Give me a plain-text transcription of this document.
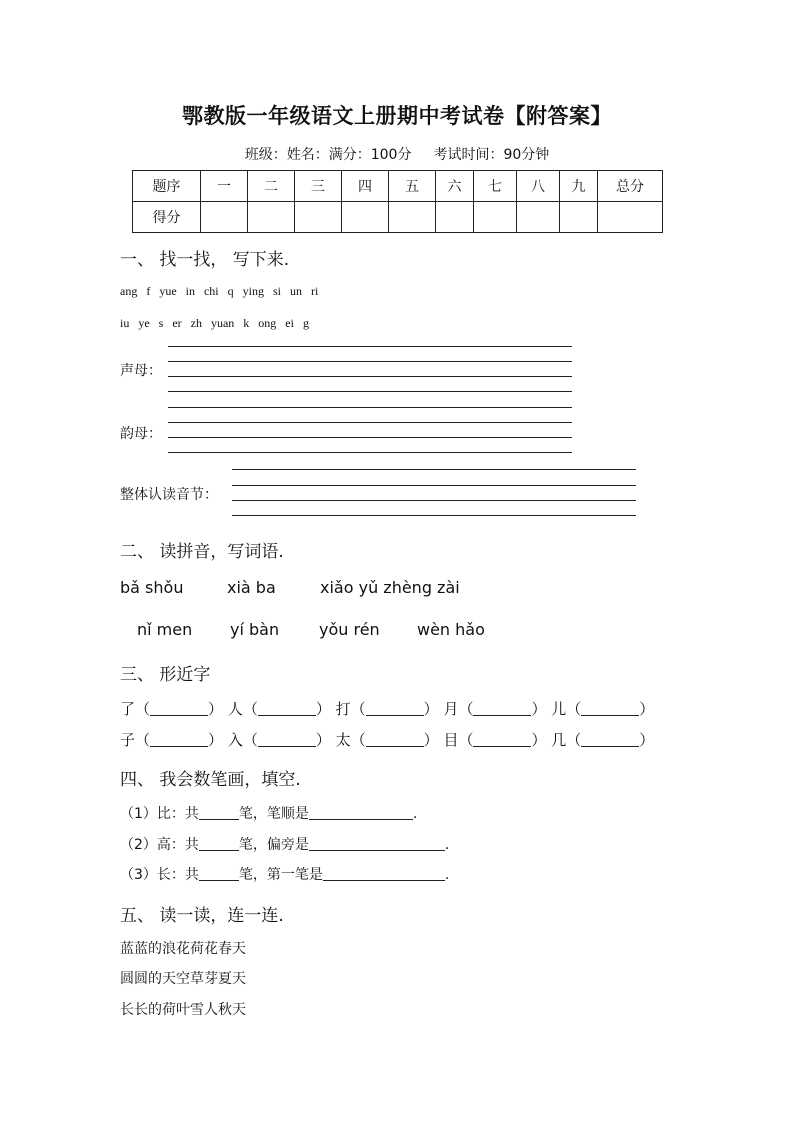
鄂教版一年级语文上册期中考试卷【附答案】
班级：姓名：满分：100分 考试时间：90分钟
题序	一	二	三	四	五	六	七	八	九	总分
得分										
一、 找一找， 写下来.
ang f yue in chi q ying si un ri
iu ye s er zh yuan k ong ei g
声母：
韵母：
整体认读音节：
二、 读拼音，写词语.
bǎ shǒu	xià ba	xiǎo yǔ zhèng zài
nǐ men yí bàn yǒu rén wèn hǎo
三、 形近字
了（	） 人（	） 打（	） 月（	） 儿（	）
子（	） 入（	） 太（	） 目（	） 几（	）
四、 我会数笔画，填空.
（1）比：共	笔，笔顺是	.
（2）高：共	笔，偏旁是	.
（3）长：共	笔，第一笔是	.
五、 读一读，连一连.
蓝蓝的浪花荷花春天
圆圆的天空草芽夏天
长长的荷叶雪人秋天
